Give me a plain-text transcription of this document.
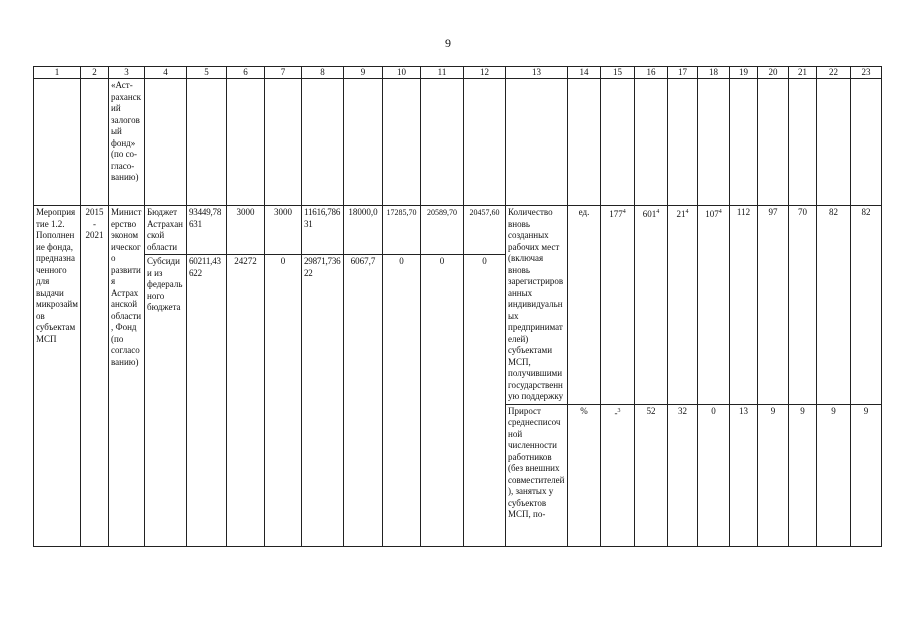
9
1	2	3	4	5	6	7	8	9	10	11	12	13	14	15	16	17	18	19	20	21	22	23
		«Аст-раханский залоговый фонд» (по со-гласо-ванию)																				
Мероприятие 1.2. Пополнение фонда, предназначенного для выдачи микрозаймов субъектам МСП	2015 - 2021	Министерство экономического развития Астраханской области, Фонд (по согласованию)	Бюджет Астраханской области	93449,78631	3000	3000	11616,78631	18000,0	17285,70	20589,70	20457,60	Количество вновь созданных рабочих мест (включая вновь зарегистрированных индивидуальных предпринимателей) субъектами МСП, получившими государственную поддержку	ед.	$177^4$	$601^4$	$21^4$	$107^4$	112	97	70	82	82
			Субсидии из федерального бюджета	60211,43622	24272	0	29871,73622	6067,7	0	0	0											
												Прирост среднесписочной численности работников (без внешних совместителей), занятых у субъектов МСП, по-	%	-$^3$	52	32	0	13	9	9	9	9
